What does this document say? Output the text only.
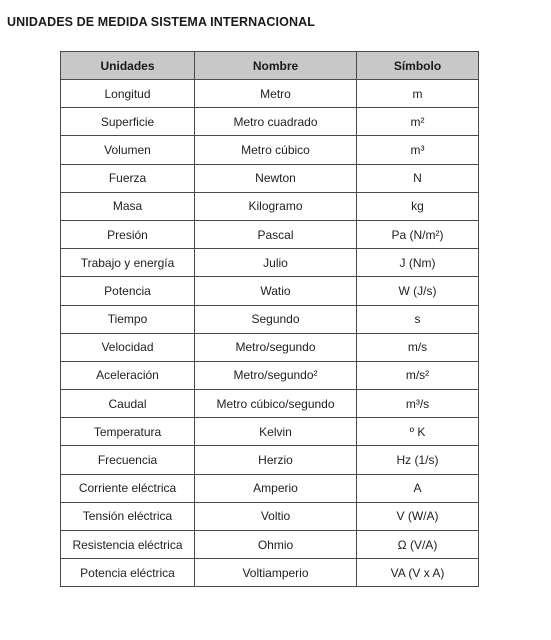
UNIDADES DE MEDIDA SISTEMA INTERNACIONAL
Unidades	Nombre	Símbolo
Longitud	Metro	m
Superficie	Metro cuadrado	m²
Volumen	Metro cúbico	m³
Fuerza	Newton	N
Masa	Kilogramo	kg
Presión	Pascal	Pa (N/m²)
Trabajo y energía	Julio	J (Nm)
Potencia	Watio	W (J/s)
Tiempo	Segundo	s
Velocidad	Metro/segundo	m/s
Aceleración	Metro/segundo²	m/s²
Caudal	Metro cúbico/segundo	m³/s
Temperatura	Kelvin	º K
Frecuencia	Herzio	Hz (1/s)
Corriente eléctrica	Amperio	A
Tensión eléctrica	Voltio	V (W/A)
Resistencia eléctrica	Ohmio	Ω (V/A)
Potencia eléctrica	Voltiamperio	VA (V x A)
